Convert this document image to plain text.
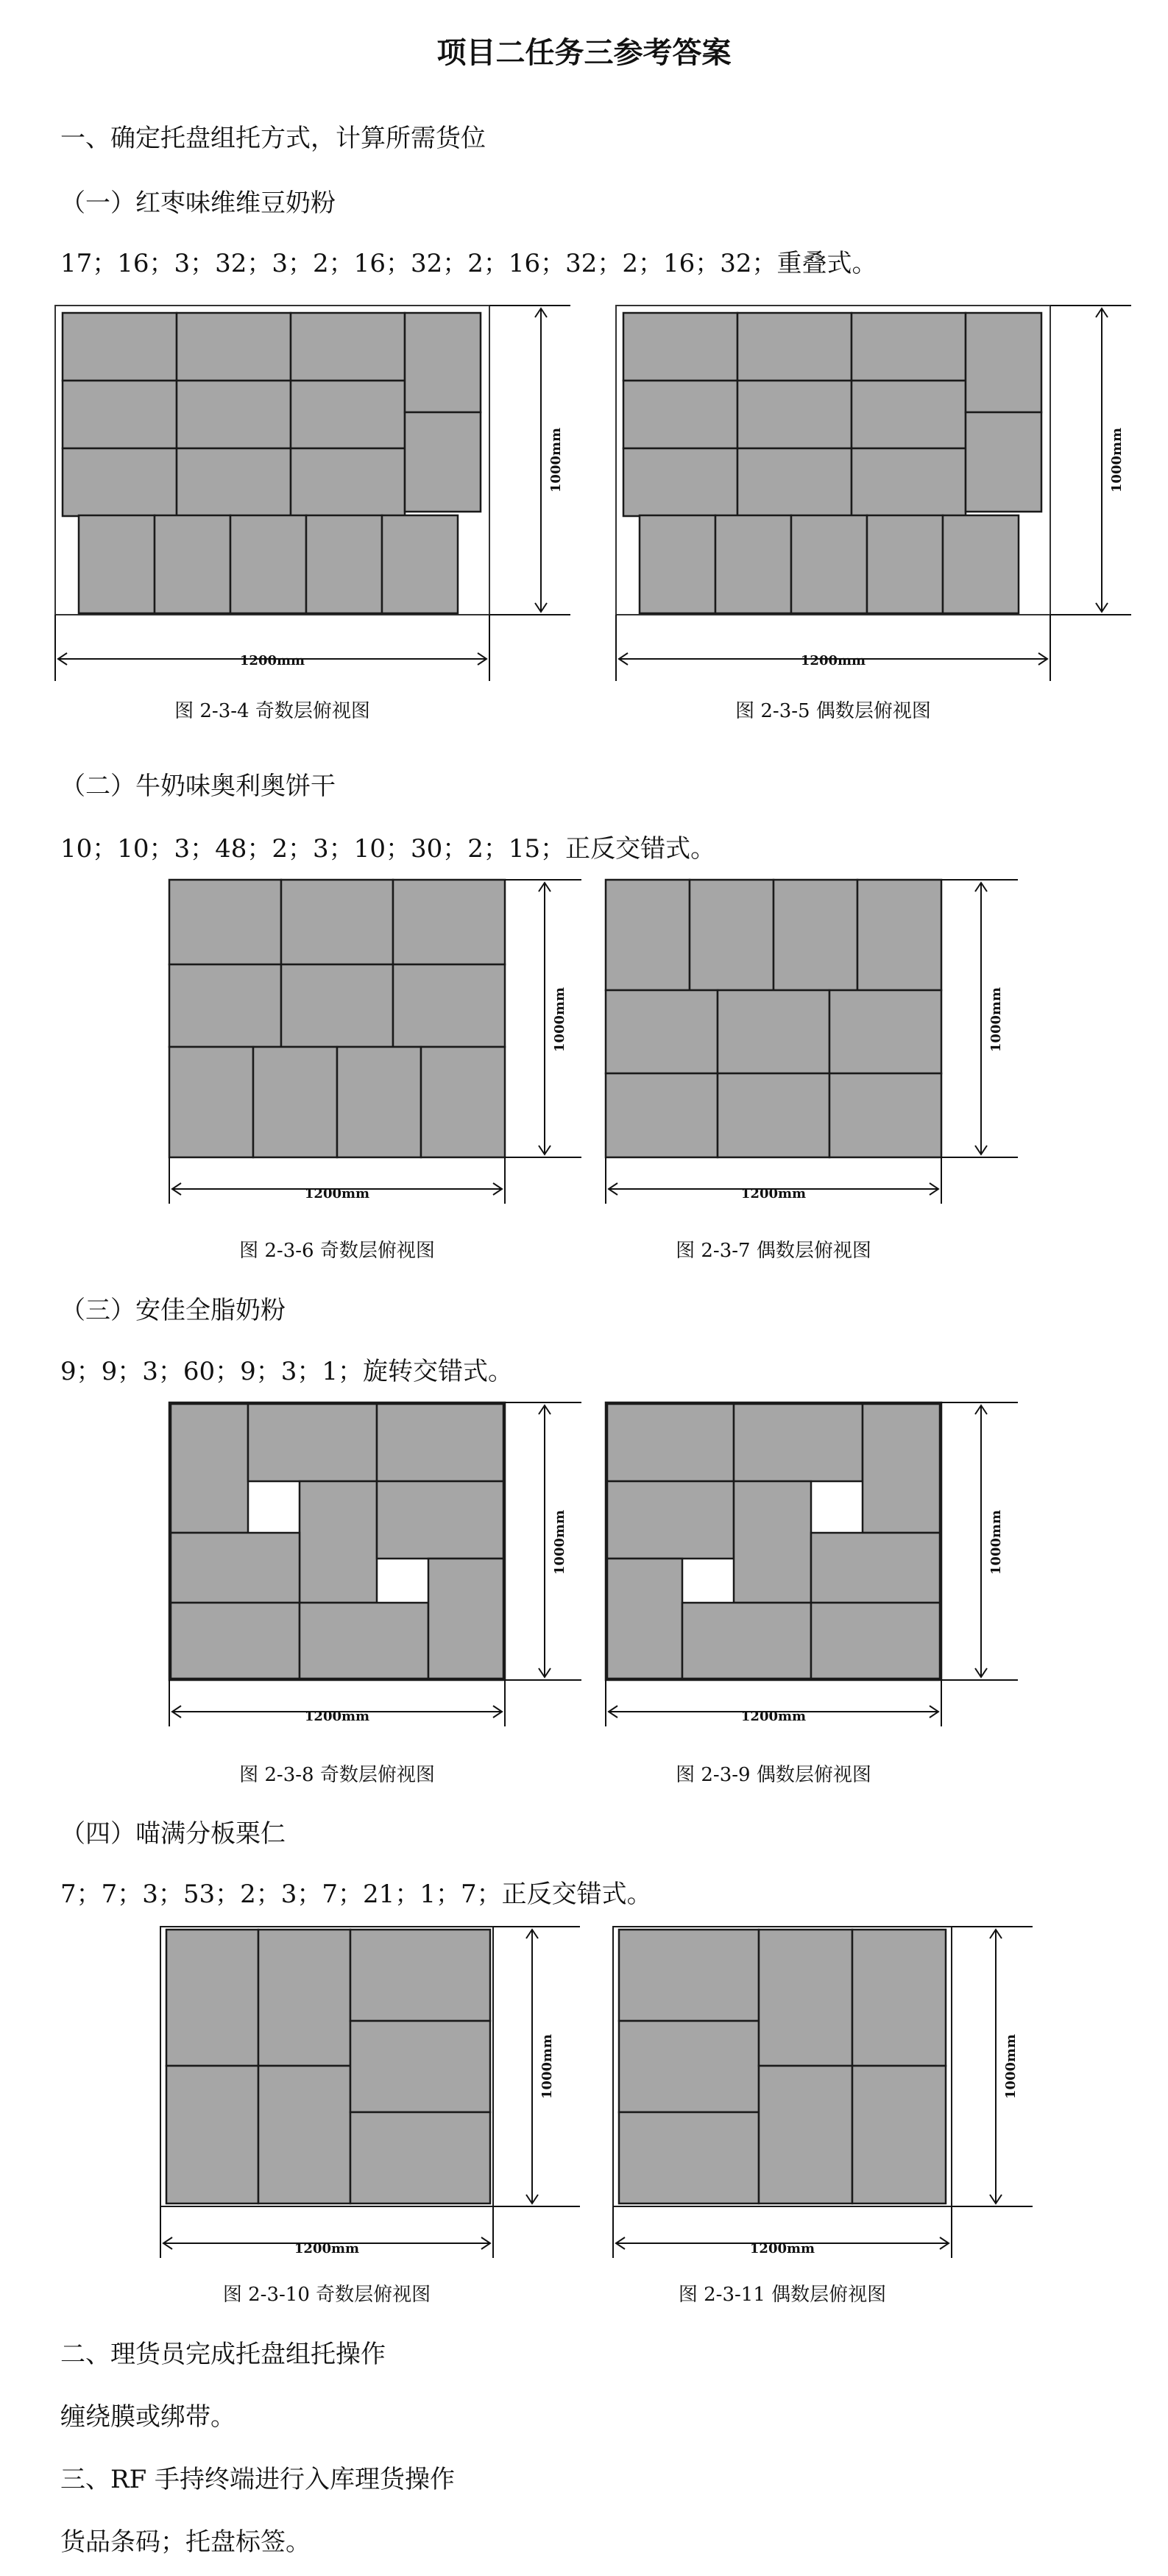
项目二任务三参考答案
一、确定托盘组托方式，计算所需货位
（一）红枣味维维豆奶粉
17；16；3；32；3；2；16；32；2；16；32；2；16；32；重叠式。
1200mm
1000mm
1200mm
1000mm
图 2-3-4 奇数层俯视图	图 2-3-5 偶数层俯视图
（二）牛奶味奥利奥饼干
10；10；3；48；2；3；10；30；2；15；正反交错式。
1200mm
1000mm
1200mm
1000mm
图 2-3-6 奇数层俯视图	图 2-3-7 偶数层俯视图
（三）安佳全脂奶粉
9；9；3；60；9；3；1；旋转交错式。
1200mm
1000mm
1200mm
1000mm
图 2-3-8 奇数层俯视图	图 2-3-9 偶数层俯视图
（四）喵满分板栗仁
7；7；3；53；2；3；7；21；1；7；正反交错式。
1200mm
1000mm
1200mm
1000mm
图 2-3-10 奇数层俯视图	图 2-3-11 偶数层俯视图
二、理货员完成托盘组托操作
缠绕膜或绑带。
三、RF 手持终端进行入库理货操作
货品条码；托盘标签。
